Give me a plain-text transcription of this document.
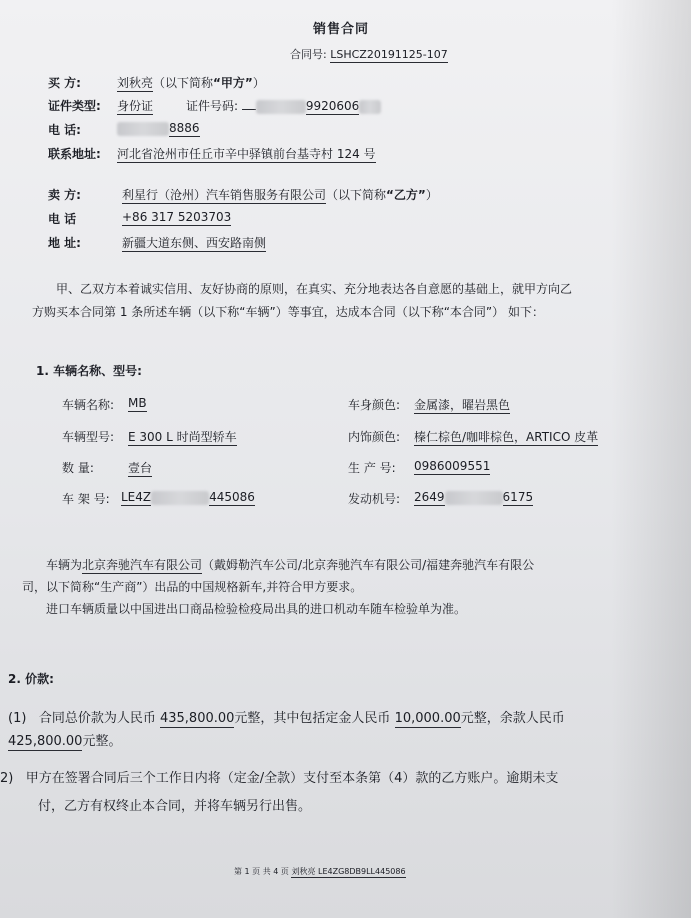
销售合同
合同号: LSHCZ20191125-107
买 方:	刘秋亮（以下简称“甲方”）
证件类型: 身份证	证件号码:	9920606
电 话:	8886
联系地址: 河北省沧州市任丘市辛中驿镇前台基寺村 124 号
卖 方:	利星行（沧州）汽车销售服务有限公司（以下简称“乙方”）
电 话	+86 317 5203703
地 址:	新疆大道东侧、西安路南侧
甲、乙双方本着诚实信用、友好协商的原则，在真实、充分地表达各自意愿的基础上，就甲方向乙
方购买本合同第 1 条所述车辆（以下称“车辆”）等事宜，达成本合同（以下称“本合同”） 如下：
1. 车辆名称、型号:
车辆名称: MB	车身颜色: 金属漆，曜岩黑色
车辆型号: E 300 L 时尚型轿车	内饰颜色: 榛仁棕色/咖啡棕色，ARTICO 皮革
数 量:	壹台	生 产 号: 0986009551
车 架 号: LE4Z	445086	发动机号: 2649	6175
车辆为北京奔驰汽车有限公司（戴姆勒汽车公司/北京奔驰汽车有限公司/福建奔驰汽车有限公
司，以下简称“生产商”）出品的中国规格新车,并符合甲方要求。
进口车辆质量以中国进出口商品检验检疫局出具的进口机动车随车检验单为准。
2. 价款:
(1) 合同总价款为人民币 435,800.00元整，其中包括定金人民币 10,000.00元整，余款人民币
425,800.00元整。
2) 甲方在签署合同后三个工作日内将（定金/全款）支付至本条第（4）款的乙方账户。逾期未支
付，乙方有权终止本合同，并将车辆另行出售。
第 1 页 共 4 页 刘秋亮 LE4ZG8DB9LL445086
